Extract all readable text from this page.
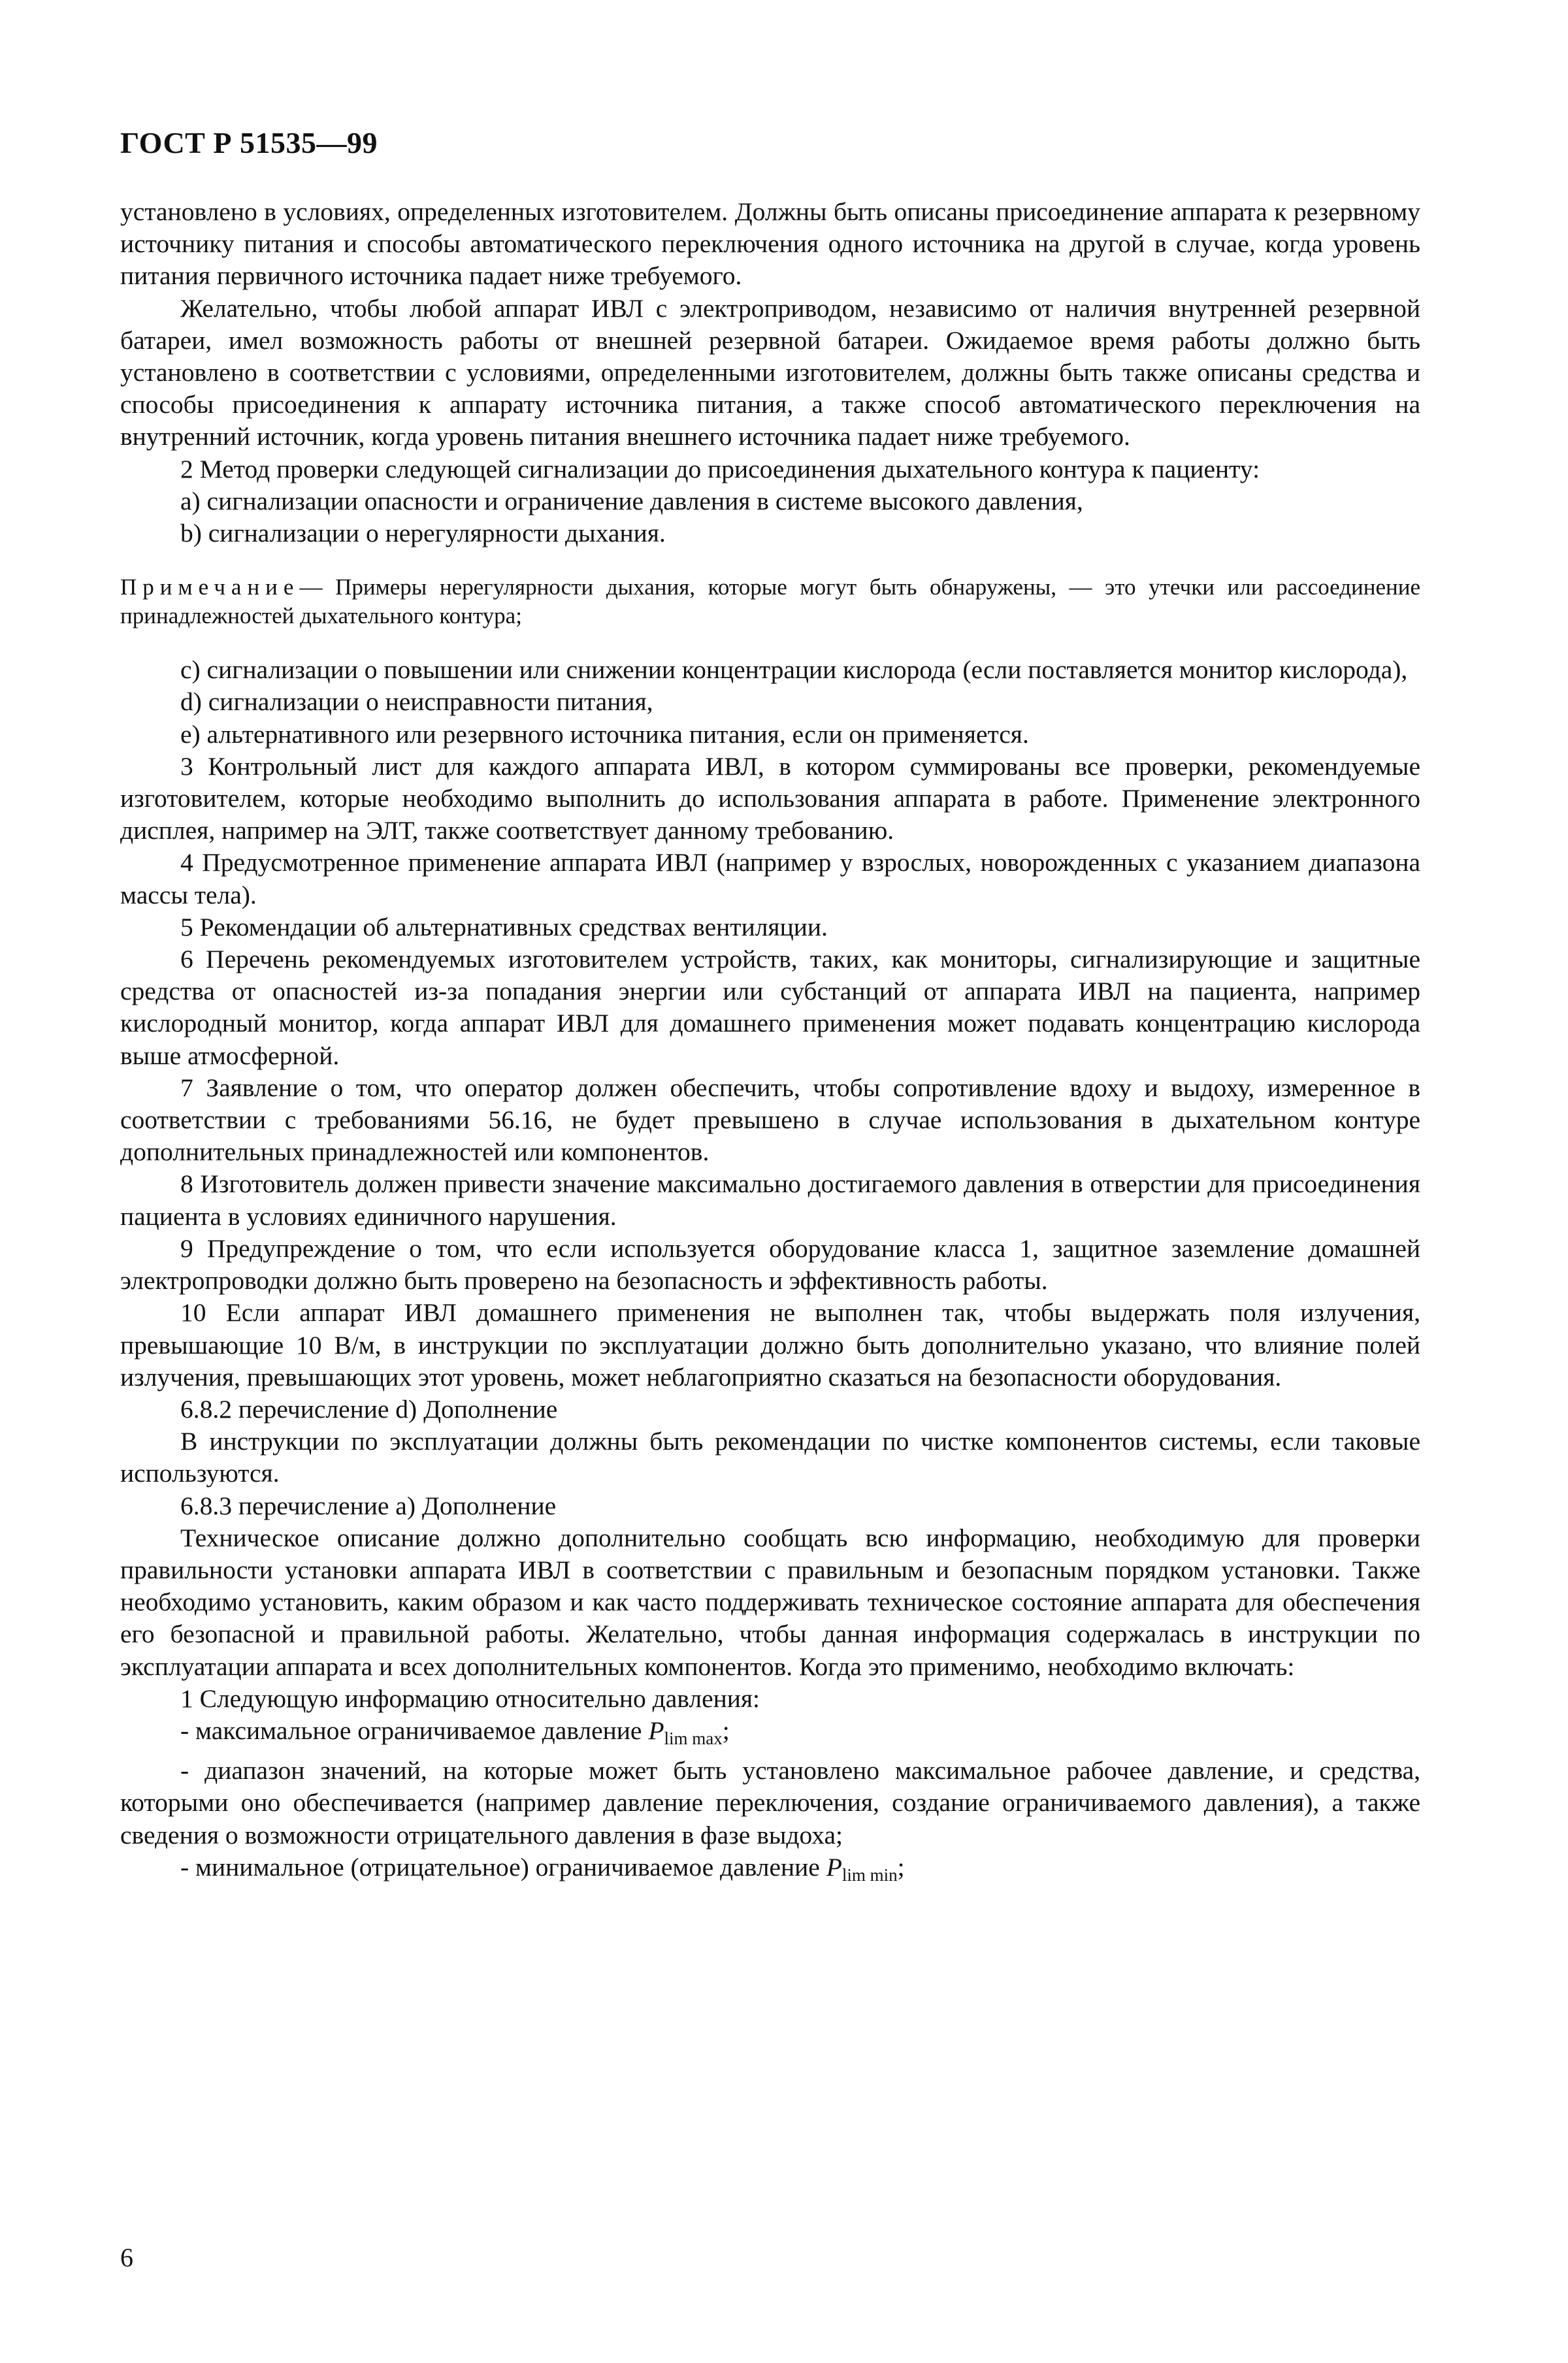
ГОСТ Р 51535—99

установлено в условиях, определенных изготовителем. Должны быть описаны присоединение аппарата к резервному источнику питания и способы автоматического переключения одного источника на другой в случае, когда уровень питания первичного источника падает ниже требуемого.

Желательно, чтобы любой аппарат ИВЛ с электроприводом, независимо от наличия внутренней резервной батареи, имел возможность работы от внешней резервной батареи. Ожидаемое время работы должно быть установлено в соответствии с условиями, определенными изготовителем, должны быть также описаны средства и способы присоединения к аппарату источника питания, а также способ автоматического переключения на внутренний источник, когда уровень питания внешнего источника падает ниже требуемого.

2 Метод проверки следующей сигнализации до присоединения дыхательного контура к пациенту:

a) сигнализации опасности и ограничение давления в системе высокого давления,

b) сигнализации о нерегулярности дыхания.

Примечание— Примеры нерегулярности дыхания, которые могут быть обнаружены, — это утечки или рассоединение принадлежностей дыхательного контура;

c) сигнализации о повышении или снижении концентрации кислорода (если поставляется монитор кислорода),

d) сигнализации о неисправности питания,

e) альтернативного или резервного источника питания, если он применяется.

3 Контрольный лист для каждого аппарата ИВЛ, в котором суммированы все проверки, рекомендуемые изготовителем, которые необходимо выполнить до использования аппарата в работе. Применение электронного дисплея, например на ЭЛТ, также соответствует данному требованию.

4 Предусмотренное применение аппарата ИВЛ (например у взрослых, новорожденных с указанием диапазона массы тела).

5 Рекомендации об альтернативных средствах вентиляции.

6 Перечень рекомендуемых изготовителем устройств, таких, как мониторы, сигнализирующие и защитные средства от опасностей из-за попадания энергии или субстанций от аппарата ИВЛ на пациента, например кислородный монитор, когда аппарат ИВЛ для домашнего применения может подавать концентрацию кислорода выше атмосферной.

7 Заявление о том, что оператор должен обеспечить, чтобы сопротивление вдоху и выдоху, измеренное в соответствии с требованиями 56.16, не будет превышено в случае использования в дыхательном контуре дополнительных принадлежностей или компонентов.

8 Изготовитель должен привести значение максимально достигаемого давления в отверстии для присоединения пациента в условиях единичного нарушения.

9 Предупреждение о том, что если используется оборудование класса 1, защитное заземление домашней электропроводки должно быть проверено на безопасность и эффективность работы.

10 Если аппарат ИВЛ домашнего применения не выполнен так, чтобы выдержать поля излучения, превышающие 10 В/м, в инструкции по эксплуатации должно быть дополнительно указано, что влияние полей излучения, превышающих этот уровень, может неблагоприятно сказаться на безопасности оборудования.

6.8.2 перечисление d) Дополнение

В инструкции по эксплуатации должны быть рекомендации по чистке компонентов системы, если таковые используются.

6.8.3 перечисление а) Дополнение

Техническое описание должно дополнительно сообщать всю информацию, необходимую для проверки правильности установки аппарата ИВЛ в соответствии с правильным и безопасным порядком установки. Также необходимо установить, каким образом и как часто поддерживать техническое состояние аппарата для обеспечения его безопасной и правильной работы. Желательно, чтобы данная информация содержалась в инструкции по эксплуатации аппарата и всех дополнительных компонентов. Когда это применимо, необходимо включать:

1 Следующую информацию относительно давления:

- максимальное ограничиваемое давление $P_{lim max}$;

- диапазон значений, на которые может быть установлено максимальное рабочее давление, и средства, которыми оно обеспечивается (например давление переключения, создание ограничиваемого давления), а также сведения о возможности отрицательного давления в фазе выдоха;

- минимальное (отрицательное) ограничиваемое давление $P_{lim min}$;

6
